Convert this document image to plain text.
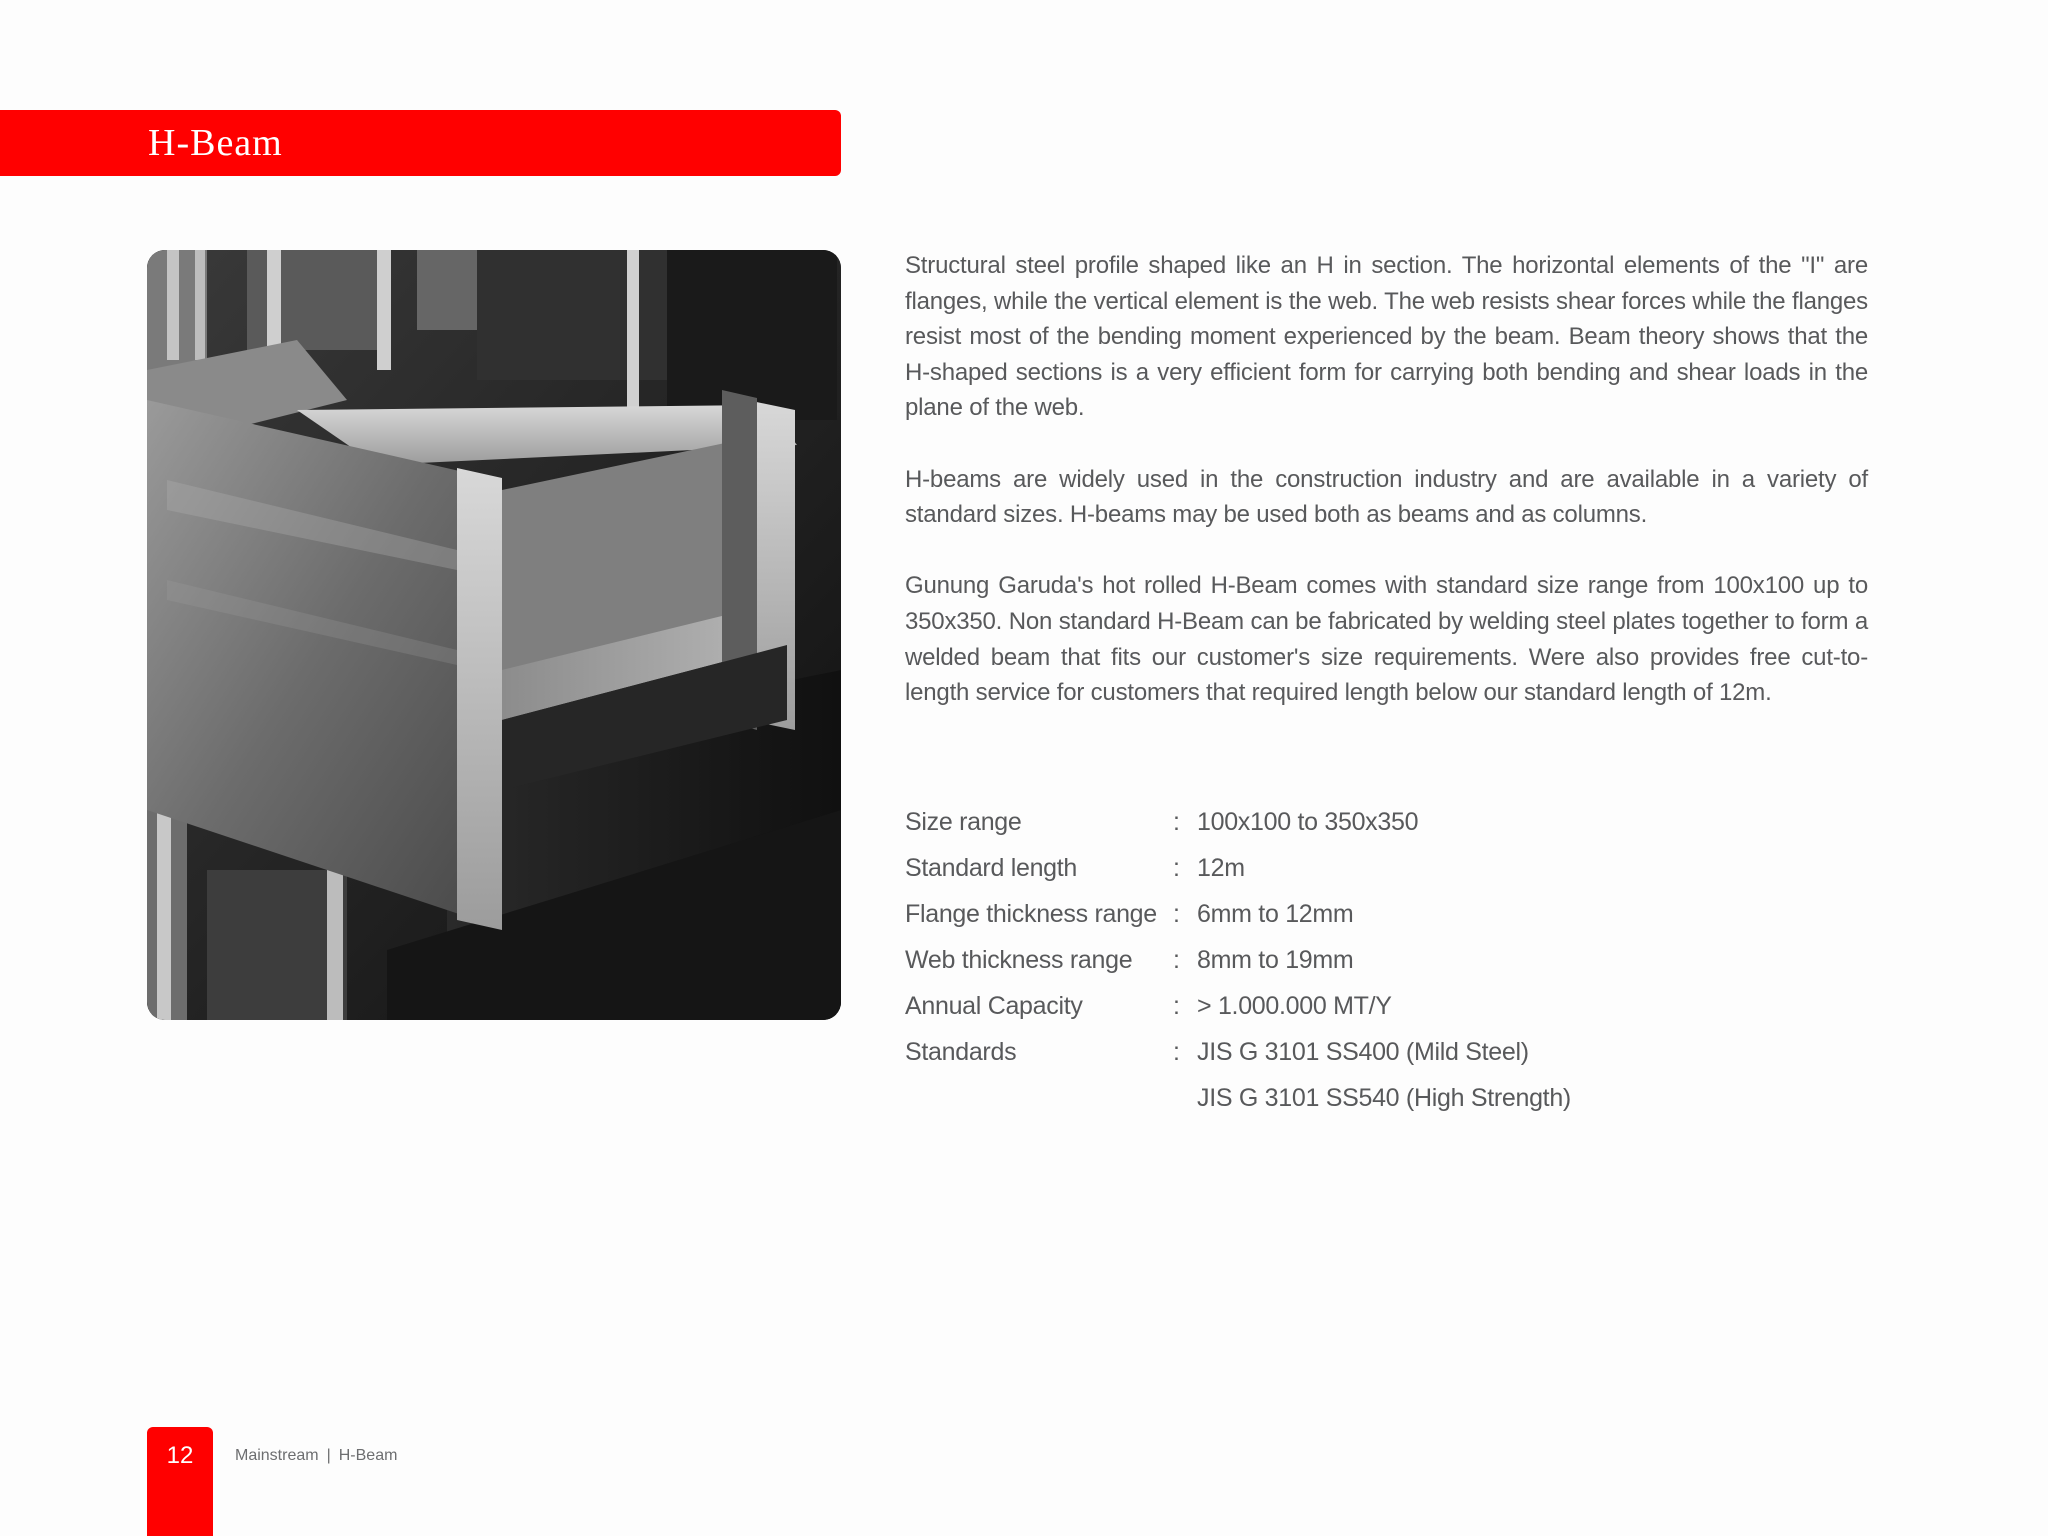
H-Beam

Structural steel profile shaped like an H in section. The horizontal elements of the "I" are flanges, while the vertical element is the web. The web resists shear forces while the flanges resist most of the bending moment experienced by the beam. Beam theory shows that the H-shaped sections is a very efficient form for carrying both bending and shear loads in the plane of the web.

H-beams are widely used in the construction industry and are available in a variety of standard sizes. H-beams may be used both as beams and as columns.

Gunung Garuda's hot rolled H-Beam comes with standard size range from 100x100 up to 350x350. Non standard H-Beam can be fabricated by welding steel plates together to form a welded beam that fits our customer's size requirements. Were also provides free cut-to-length service for customers that required length below our standard length of 12m.

Size range	: 100x100 to 350x350
Standard length	: 12m
Flange thickness range : 6mm to 12mm
Web thickness range : 8mm to 19mm
Annual Capacity	: > 1.000.000 MT/Y
Standards	: JIS G 3101 SS400 (Mild Steel)
JIS G 3101 SS540 (High Strength)
12	Mainstream | H-Beam
